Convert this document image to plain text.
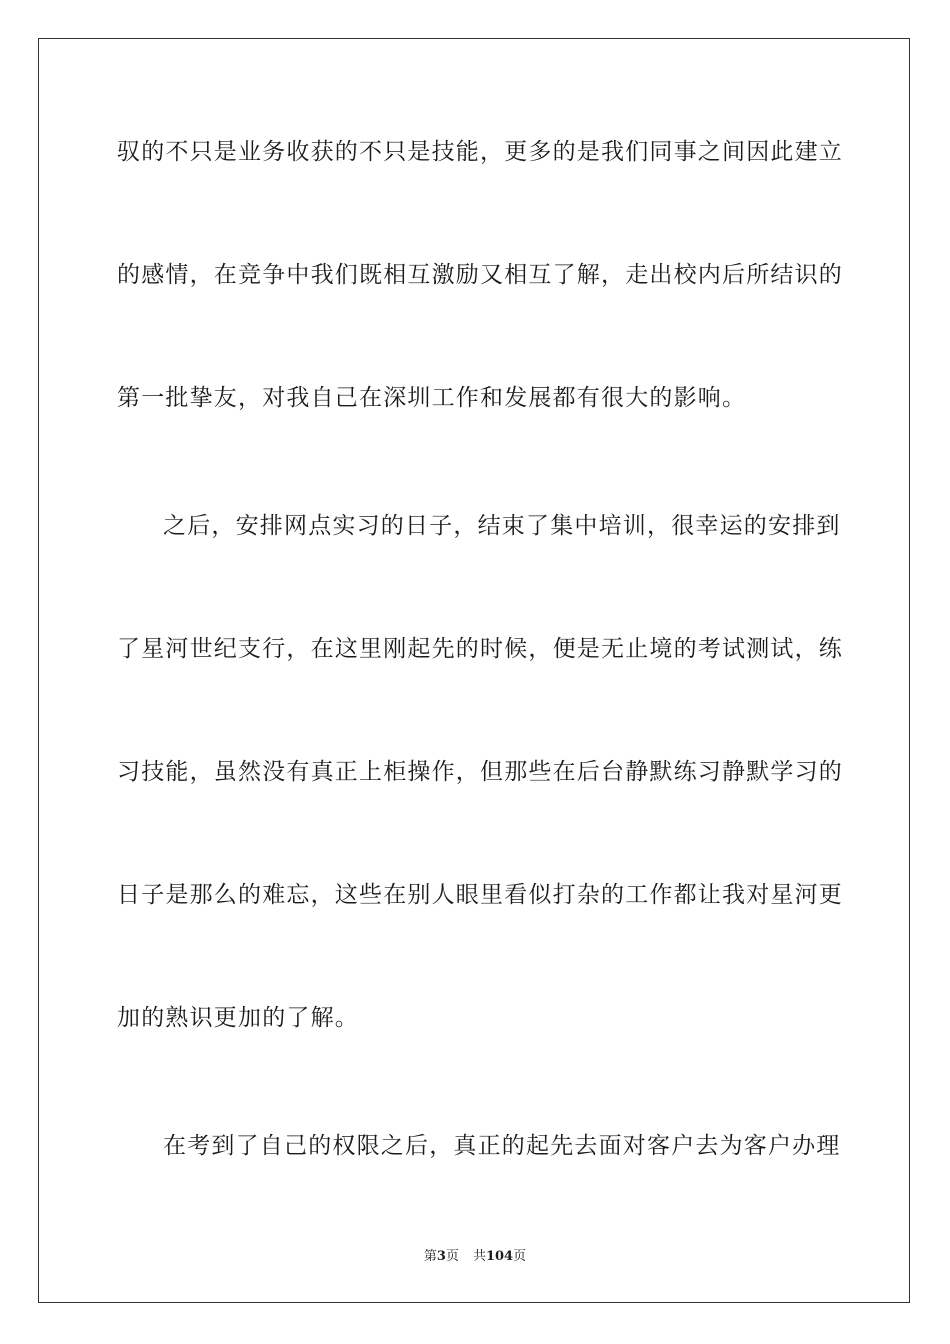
驭的不只是业务收获的不只是技能，更多的是我们同事之间因此建立
的感情，在竞争中我们既相互激励又相互了解，走出校内后所结识的
第一批挚友，对我自己在深圳工作和发展都有很大的影响。
之后，安排网点实习的日子，结束了集中培训，很幸运的安排到
了星河世纪支行，在这里刚起先的时候，便是无止境的考试测试，练
习技能，虽然没有真正上柜操作，但那些在后台静默练习静默学习的
日子是那么的难忘，这些在别人眼里看似打杂的工作都让我对星河更
加的熟识更加的了解。
在考到了自己的权限之后，真正的起先去面对客户去为客户办理
第3页 共104页
